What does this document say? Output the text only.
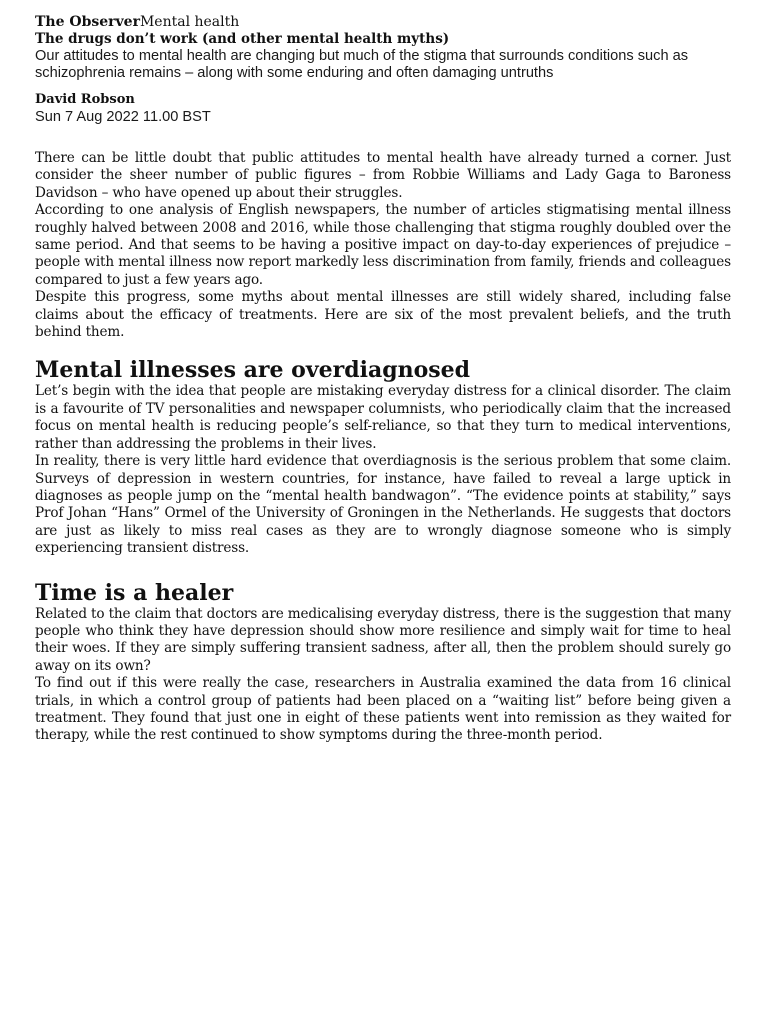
The ObserverMental health

The drugs don’t work (and other mental health myths)

Our attitudes to mental health are changing but much of the stigma that surrounds conditions such as schizophrenia remains – along with some enduring and often damaging untruths

David Robson

Sun 7 Aug 2022 11.00 BST

There can be little doubt that public attitudes to mental health have already turned a corner. Just consider the sheer number of public figures – from Robbie Williams and Lady Gaga to Baroness Davidson – who have opened up about their struggles.

According to one analysis of English newspapers, the number of articles stigmatising mental illness roughly halved between 2008 and 2016, while those challenging that stigma roughly doubled over the same period. And that seems to be having a positive impact on day-to-day experiences of prejudice – people with mental illness now report markedly less discrimination from family, friends and colleagues compared to just a few years ago.

Despite this progress, some myths about mental illnesses are still widely shared, including false claims about the efficacy of treatments. Here are six of the most prevalent beliefs, and the truth behind them.

Mental illnesses are overdiagnosed

Let’s begin with the idea that people are mistaking everyday distress for a clinical disorder. The claim is a favourite of TV personalities and newspaper columnists, who periodically claim that the increased focus on mental health is reducing people’s self-reliance, so that they turn to medical interventions, rather than addressing the problems in their lives.

In reality, there is very little hard evidence that overdiagnosis is the serious problem that some claim. Surveys of depression in western countries, for instance, have failed to reveal a large uptick in diagnoses as people jump on the “mental health bandwagon”. “The evidence points at stability,” says Prof Johan “Hans” Ormel of the University of Groningen in the Netherlands. He suggests that doctors are just as likely to miss real cases as they are to wrongly diagnose someone who is simply experiencing transient distress.

Time is a healer

Related to the claim that doctors are medicalising everyday distress, there is the suggestion that many people who think they have depression should show more resilience and simply wait for time to heal their woes. If they are simply suffering transient sadness, after all, then the problem should surely go away on its own?

To find out if this were really the case, researchers in Australia examined the data from 16 clinical trials, in which a control group of patients had been placed on a “waiting list” before being given a treatment. They found that just one in eight of these patients went into remission as they waited for therapy, while the rest continued to show symptoms during the three-month period.
